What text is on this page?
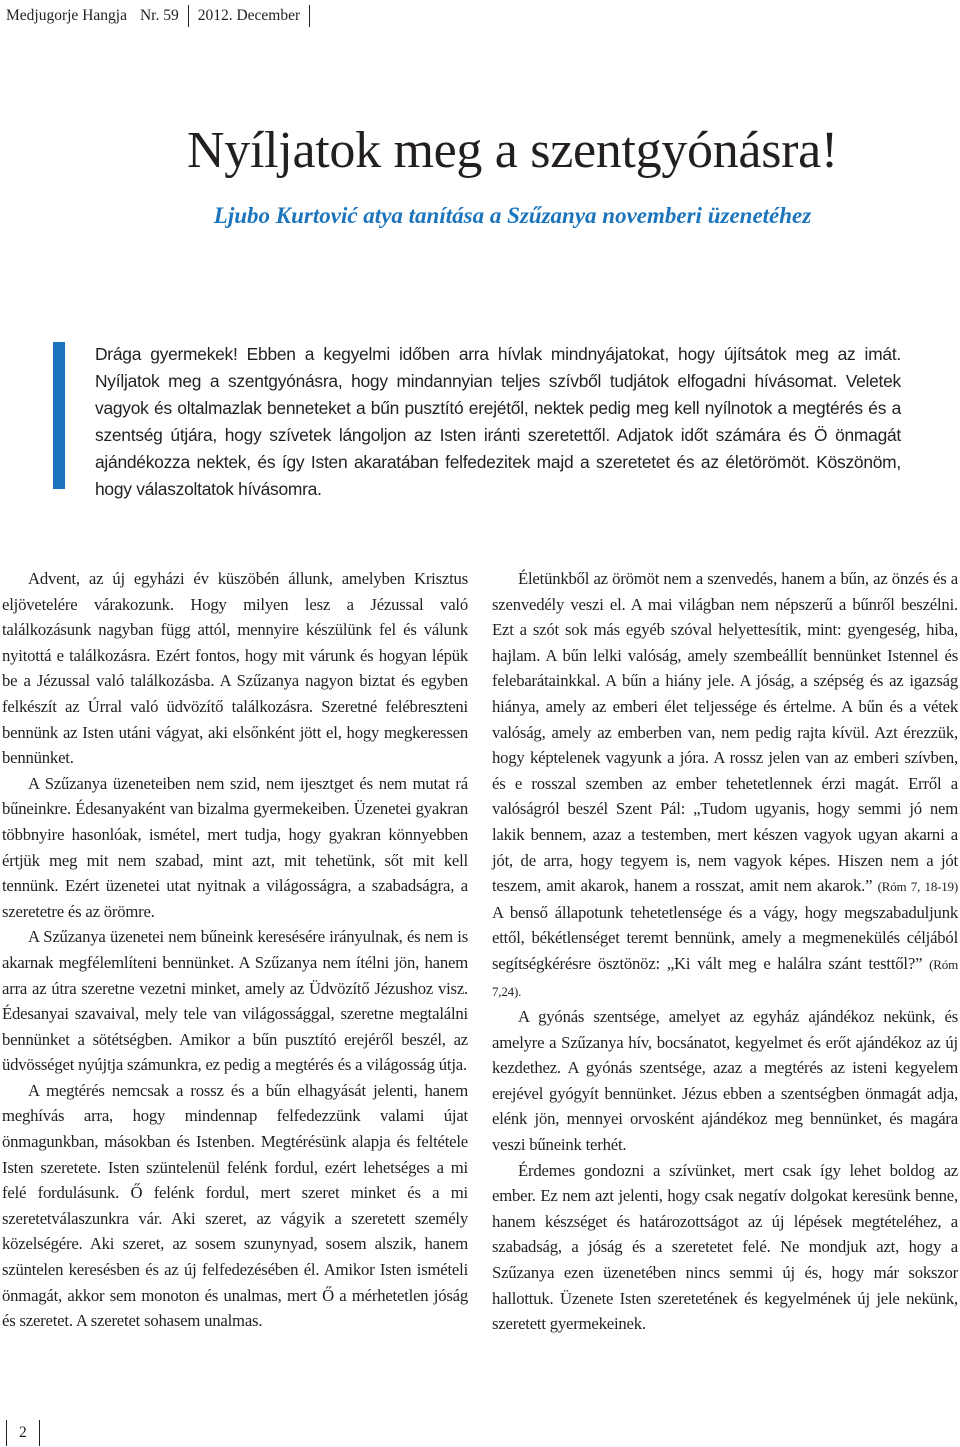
Medjugorje Hangja Nr. 59	2012. December
Nyíljatok meg a szentgyónásra!
Ljubo Kurtović atya tanítása a Szűzanya novemberi üzenetéhez

Drága gyermekek! Ebben a kegyelmi időben arra hívlak mindnyájatokat, hogy újítsátok meg az imát. Nyíljatok meg a szentgyónásra, hogy mindannyian teljes szívből tudjátok elfogadni hívásomat. Veletek vagyok és oltalmazlak benneteket a bűn pusztító erejétől, nektek pedig meg kell nyílnotok a megtérés és a szentség útjára, hogy szívetek lángoljon az Isten iránti szeretettől. Adjatok időt számára és Ö önmagát ajándékozza nektek, és így Isten akaratában felfedezitek majd a szeretetet és az életörömöt. Köszönöm, hogy válaszoltatok hívásomra.

Advent, az új egyházi év küszöbén állunk, amelyben Krisztus eljövetelére várakozunk. Hogy milyen lesz a Jézussal való találkozásunk nagyban függ attól, mennyire készülünk fel és válunk nyitottá e találkozásra. Ezért fontos, hogy mit várunk és hogyan lépük be a Jézussal való találkozásba. A Szűzanya nagyon biztat és egyben felkészít az Úrral való üdvözítő találkozásra. Szeretné felébreszteni bennünk az Isten utáni vágyat, aki elsőnként jött el, hogy megkeressen bennünket.

A Szűzanya üzeneteiben nem szid, nem ijesztget és nem mutat rá bűneinkre. Édesanyaként van bizalma gyermekeiben. Üzenetei gyakran többnyire hasonlóak, ismétel, mert tudja, hogy gyakran könnyebben értjük meg mit nem szabad, mint azt, mit tehetünk, sőt mit kell tennünk. Ezért üzenetei utat nyitnak a világosságra, a szabadságra, a szeretetre és az örömre.

A Szűzanya üzenetei nem bűneink keresésére irányulnak, és nem is akarnak megfélemlíteni bennünket. A Szűzanya nem ítélni jön, hanem arra az útra szeretne vezetni minket, amely az Üdvözítő Jézushoz visz. Édesanyai szavaival, mely tele van világossággal, szeretne megtalálni bennünket a sötétségben. Amikor a bűn pusztító erejéről beszél, az üdvösséget nyújtja számunkra, ez pedig a megtérés és a világosság útja.

A megtérés nemcsak a rossz és a bűn elhagyását jelenti, hanem meghívás arra, hogy mindennap felfedezzünk valami újat önmagunkban, másokban és Istenben. Megtérésünk alapja és feltétele Isten szeretete. Isten szüntelenül felénk fordul, ezért lehetséges a mi felé fordulásunk. Ő felénk fordul, mert szeret minket és a mi szeretetválaszunkra vár. Aki szeret, az vágyik a szeretett személy közelségére. Aki szeret, az sosem szunynyad, sosem alszik, hanem szüntelen keresésben és az új felfedezésében él. Amikor Isten ismételi önmagát, akkor sem monoton és unalmas, mert Ő a mérhetetlen jóság és szeretet. A szeretet sohasem unalmas.

Életünkből az örömöt nem a szenvedés, hanem a bűn, az önzés és a szenvedély veszi el. A mai világban nem népszerű a bűnről beszélni. Ezt a szót sok más egyéb szóval helyettesítik, mint: gyengeség, hiba, hajlam. A bűn lelki valóság, amely szembeállít bennünket Istennel és felebarátainkkal. A bűn a hiány jele. A jóság, a szépség és az igazság hiánya, amely az emberi élet teljessége és értelme. A bűn és a vétek valóság, amely az emberben van, nem pedig rajta kívül. Azt érezzük, hogy képtelenek vagyunk a jóra. A rossz jelen van az emberi szívben, és e rosszal szemben az ember tehetetlennek érzi magát. Erről a valóságról beszél Szent Pál: „Tudom ugyanis, hogy semmi jó nem lakik bennem, azaz a testemben, mert készen vagyok ugyan akarni a jót, de arra, hogy tegyem is, nem vagyok képes. Hiszen nem a jót teszem, amit akarok, hanem a rosszat, amit nem akarok.” (Róm 7, 18-19) A benső állapotunk tehetetlensége és a vágy, hogy megszabaduljunk ettől, békétlenséget teremt bennünk, amely a megmenekülés céljából segítségkérésre ösztönöz: „Ki vált meg e halálra szánt testtől?” (Róm 7,24).

A gyónás szentsége, amelyet az egyház ajándékoz nekünk, és amelyre a Szűzanya hív, bocsánatot, kegyelmet és erőt ajándékoz az új kezdethez. A gyónás szentsége, azaz a megtérés az isteni kegyelem erejével gyógyít bennünket. Jézus ebben a szentségben önmagát adja, elénk jön, mennyei orvosként ajándékoz meg bennünket, és magára veszi bűneink terhét.

Érdemes gondozni a szívünket, mert csak így lehet boldog az ember. Ez nem azt jelenti, hogy csak negatív dolgokat keresünk benne, hanem készséget és határozottságot az új lépések megtételéhez, a szabadság, a jóság és a szeretetet felé. Ne mondjuk azt, hogy a Szűzanya ezen üzenetében nincs semmi új és, hogy már sokszor hallottuk. Üzenete Isten szeretetének és kegyelmének új jele nekünk, szeretett gyermekeinek.

2
